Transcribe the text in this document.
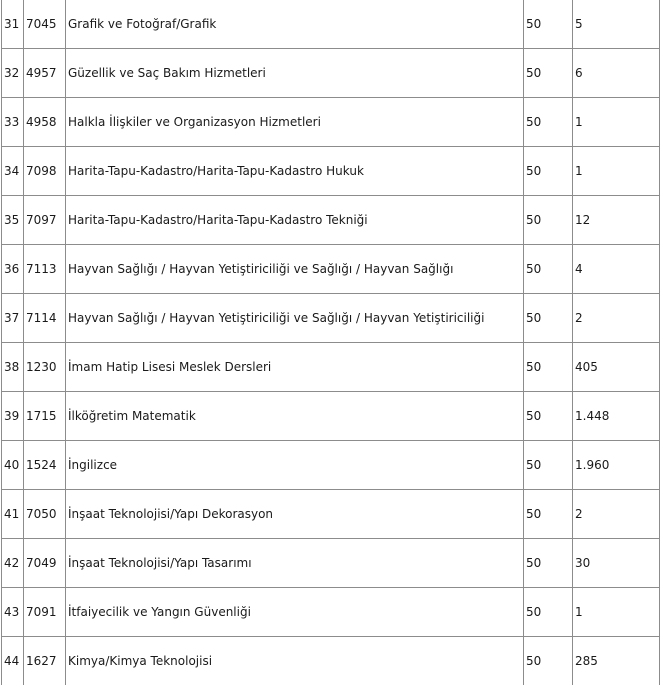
31	7045	Grafik ve Fotoğraf/Grafik	50	5
32	4957	Güzellik ve Saç Bakım Hizmetleri	50	6
33	4958	Halkla İlişkiler ve Organizasyon Hizmetleri	50	1
34	7098	Harita-Tapu-Kadastro/Harita-Tapu-Kadastro Hukuk	50	1
35	7097	Harita-Tapu-Kadastro/Harita-Tapu-Kadastro Tekniği	50	12
36	7113	Hayvan Sağlığı / Hayvan Yetiştiriciliği ve Sağlığı / Hayvan Sağlığı	50	4
37	7114	Hayvan Sağlığı / Hayvan Yetiştiriciliği ve Sağlığı / Hayvan Yetiştiriciliği	50	2
38	1230	İmam Hatip Lisesi Meslek Dersleri	50	405
39	1715	İlköğretim Matematik	50	1.448
40	1524	İngilizce	50	1.960
41	7050	İnşaat Teknolojisi/Yapı Dekorasyon	50	2
42	7049	İnşaat Teknolojisi/Yapı Tasarımı	50	30
43	7091	İtfaiyecilik ve Yangın Güvenliği	50	1
44	1627	Kimya/Kimya Teknolojisi	50	285
